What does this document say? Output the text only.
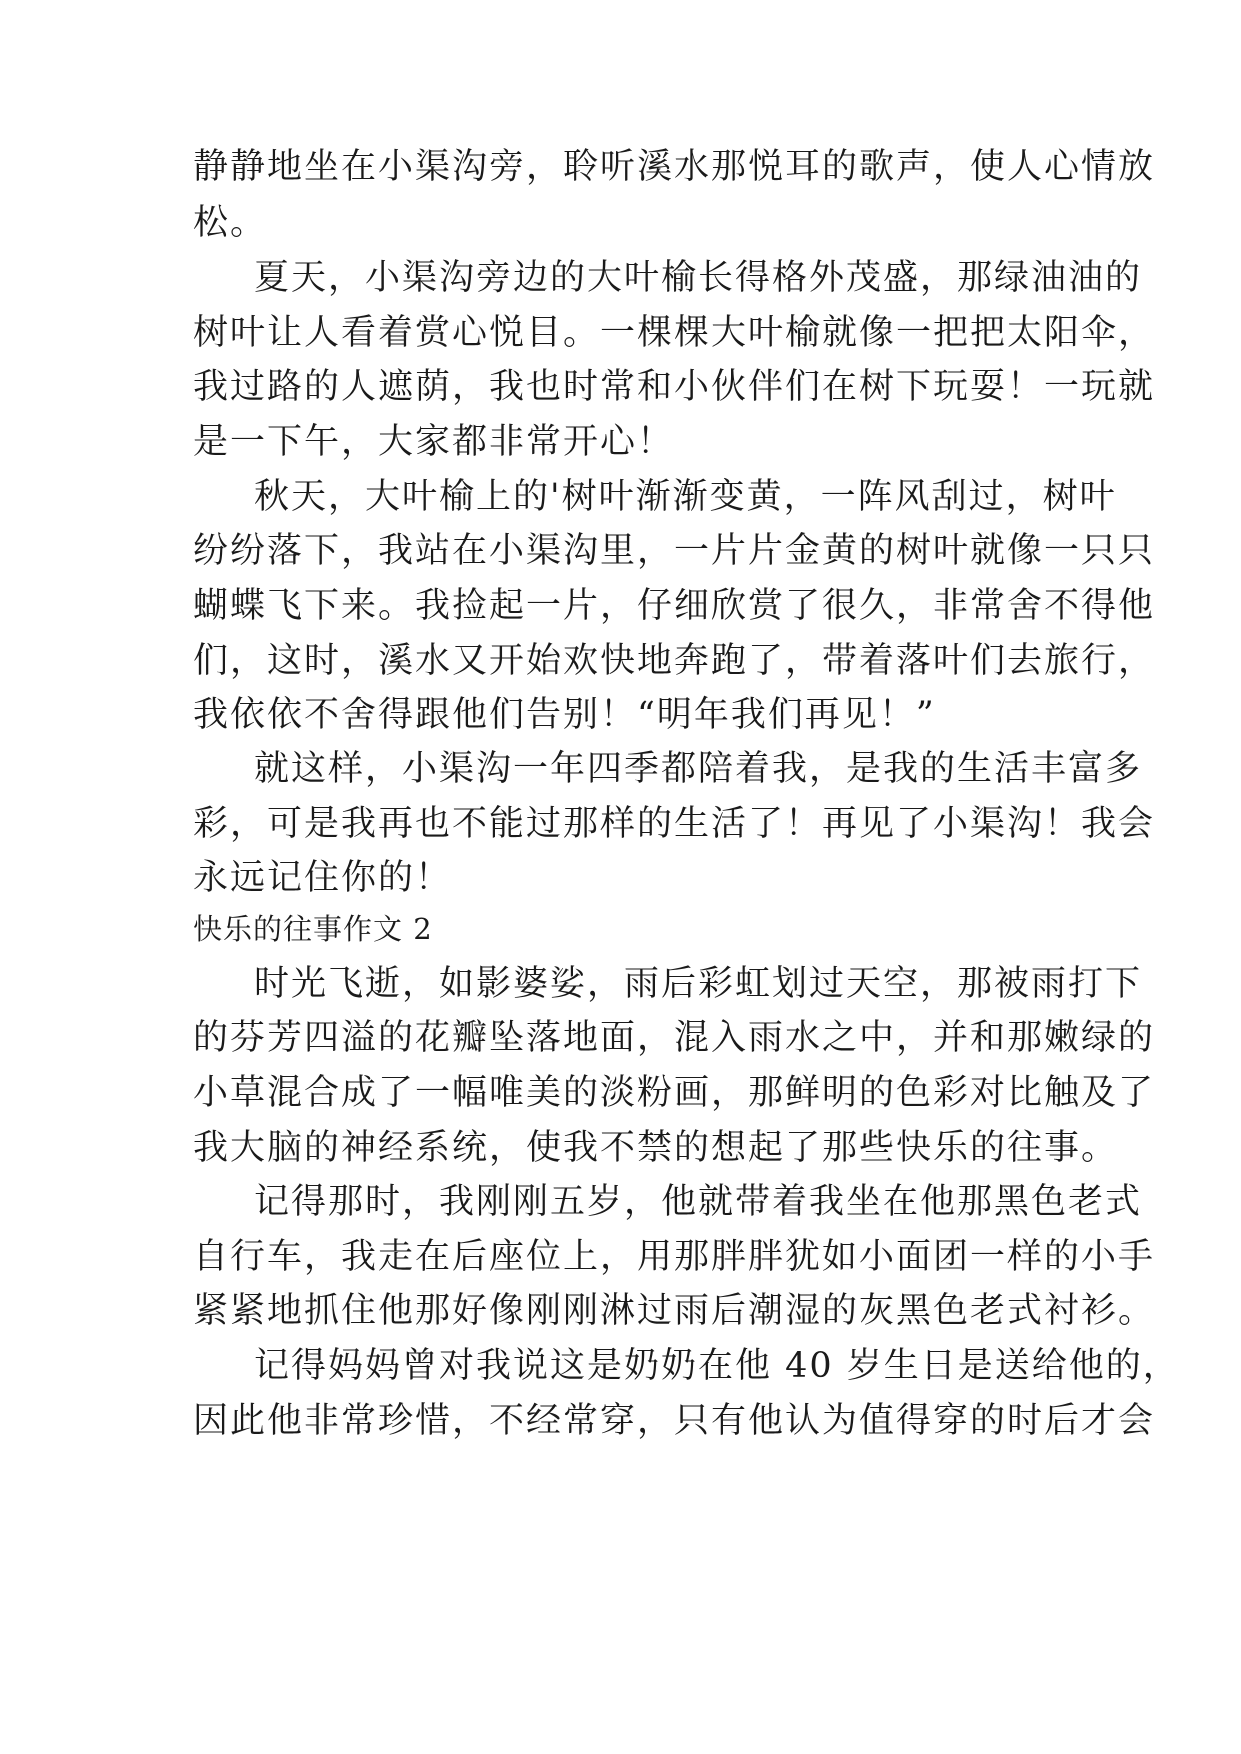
静静地坐在小渠沟旁，聆听溪水那悦耳的歌声，使人心情放
松。
夏天，小渠沟旁边的大叶榆长得格外茂盛，那绿油油的
树叶让人看着赏心悦目。一棵棵大叶榆就像一把把太阳伞，
我过路的人遮荫，我也时常和小伙伴们在树下玩耍！一玩就
是一下午，大家都非常开心！
秋天，大叶榆上的'树叶渐渐变黄，一阵风刮过，树叶
纷纷落下，我站在小渠沟里，一片片金黄的树叶就像一只只
蝴蝶飞下来。我捡起一片，仔细欣赏了很久，非常舍不得他
们，这时，溪水又开始欢快地奔跑了，带着落叶们去旅行，
我依依不舍得跟他们告别！“明年我们再见！”
就这样，小渠沟一年四季都陪着我，是我的生活丰富多
彩，可是我再也不能过那样的生活了！再见了小渠沟！我会
永远记住你的！
快乐的往事作文 2
时光飞逝，如影婆娑，雨后彩虹划过天空，那被雨打下
的芬芳四溢的花瓣坠落地面，混入雨水之中，并和那嫩绿的
小草混合成了一幅唯美的淡粉画，那鲜明的色彩对比触及了
我大脑的神经系统，使我不禁的想起了那些快乐的往事。
记得那时，我刚刚五岁，他就带着我坐在他那黑色老式
自行车，我走在后座位上，用那胖胖犹如小面团一样的小手
紧紧地抓住他那好像刚刚淋过雨后潮湿的灰黑色老式衬衫。
记得妈妈曾对我说这是奶奶在他 40 岁生日是送给他的，
因此他非常珍惜，不经常穿，只有他认为值得穿的时后才会
